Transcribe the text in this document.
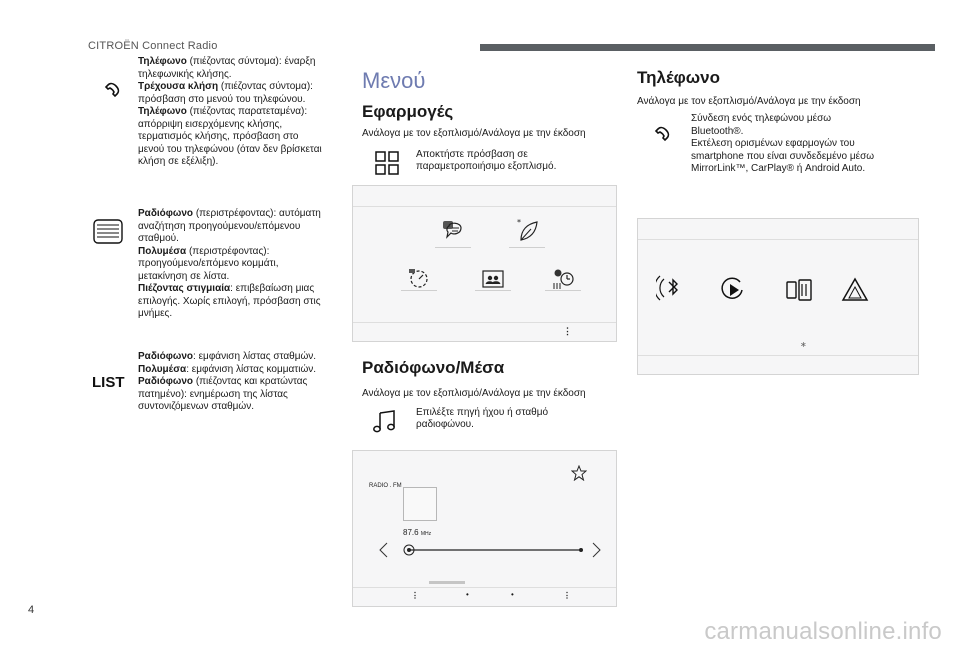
CITROËN Connect Radio
Τηλέφωνο (πιέζοντας σύντομα): έναρξη
τηλεφωνικής κλήσης.
Τρέχουσα κλήση (πιέζοντας σύντομα):
πρόσβαση στο μενού του τηλεφώνου.
Τηλέφωνο (πιέζοντας παρατεταμένα):
απόρριψη εισερχόμενης κλήσης,
τερματισμός κλήσης, πρόσβαση στο
μενού του τηλεφώνου (όταν δεν βρίσκεται
κλήση σε εξέλιξη).
Ραδιόφωνο (περιστρέφοντας): αυτόματη
αναζήτηση προηγούμενου/επόμενου
σταθμού.
Πολυμέσα (περιστρέφοντας):
προηγούμενο/επόμενο κομμάτι,
μετακίνηση σε λίστα.
Πιέζοντας στιγμιαία: επιβεβαίωση μιας
επιλογής. Χωρίς επιλογή, πρόσβαση στις
μνήμες.
LIST
Ραδιόφωνο: εμφάνιση λίστας σταθμών.
Πολυμέσα: εμφάνιση λίστας κομματιών.
Ραδιόφωνο (πιέζοντας και κρατώντας
πατημένο): ενημέρωση της λίστας
συντονιζόμενων σταθμών.
Μενού
Εφαρμογές
Ανάλογα με τον εξοπλισμό/Ανάλογα με την έκδοση
Αποκτήστε πρόσβαση σε
παραμετροποιήσιμο εξοπλισμό.
*
⋮
Ραδιόφωνο/Μέσα
Ανάλογα με τον εξοπλισμό/Ανάλογα με την έκδοση
Επιλέξτε πηγή ήχου ή σταθμό
ραδιοφώνου.
RADIO . FM
87.6 MHz
⋮	•	•	⋮
Τηλέφωνο
Ανάλογα με τον εξοπλισμό/Ανάλογα με την έκδοση
Σύνδεση ενός τηλεφώνου μέσω
Bluetooth®.
Εκτέλεση ορισμένων εφαρμογών του
smartphone που είναι συνδεδεμένο μέσω
MirrorLink™, CarPlay® ή Android Auto.
∗
4
carmanualsonline.info
